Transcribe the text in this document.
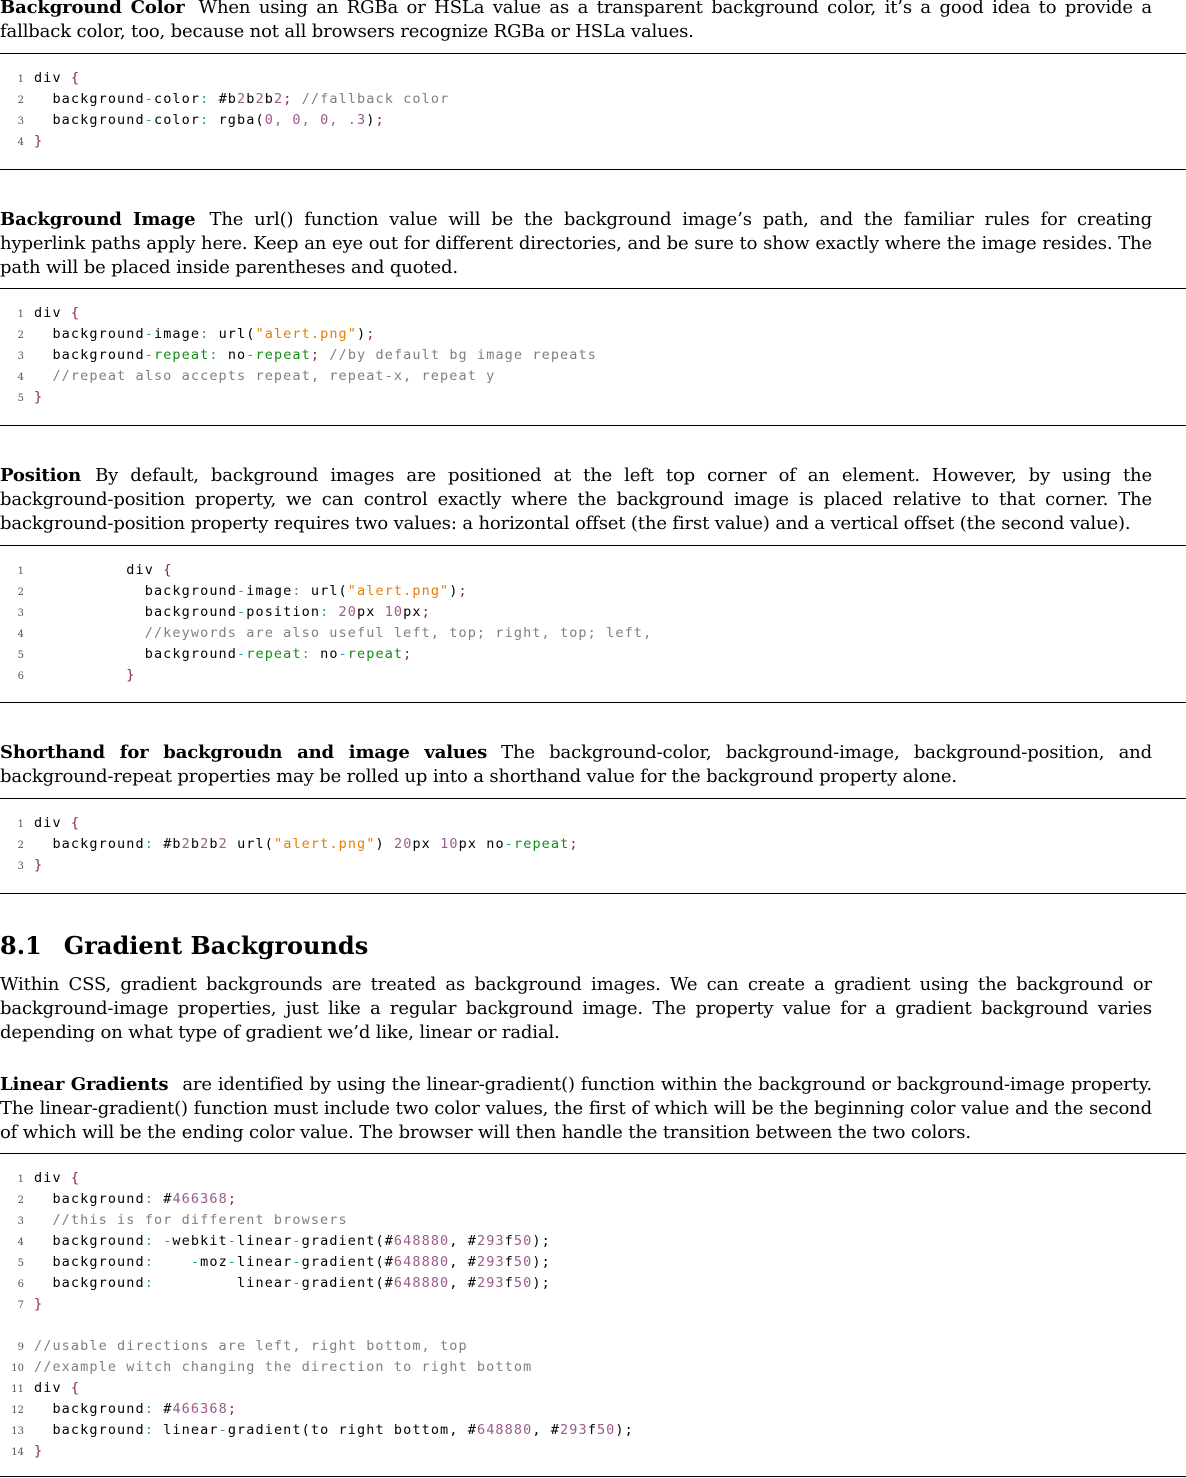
Background Color When using an RGBa or HSLa value as a transparent background color, it’s a good idea to provide a fallback color, too, because not all browsers recognize RGBa or HSLa values.

1 div {
2  background-color: #b2b2b2; //fallback color
3  background-color: rgba(0, 0, 0, .3);
4 }

Background Image The url() function value will be the background image’s path, and the familiar rules for creating hyperlink paths apply here. Keep an eye out for different directories, and be sure to show exactly where the image resides. The path will be placed inside parentheses and quoted.

1 div {
2  background-image: url("alert.png");
3  background-repeat: no-repeat; //by default bg image repeats
4  //repeat also accepts repeat, repeat-x, repeat y
5 }

Position By default, background images are positioned at the left top corner of an element. However, by using the background-position property, we can control exactly where the background image is placed relative to that corner. The background-position property requires two values: a horizontal offset (the first value) and a vertical offset (the second value).

1          div {
2            background-image: url("alert.png");
3            background-position: 20px 10px;
4            //keywords are also useful left, top; right, top; left,
5            background-repeat: no-repeat;
6          }

Shorthand for backgroudn and image values The background-color, background-image, background-position, and background-repeat properties may be rolled up into a shorthand value for the background property alone.

1 div {
2  background: #b2b2b2 url("alert.png") 20px 10px no-repeat;
3 }
8.1 Gradient Backgrounds

Within CSS, gradient backgrounds are treated as background images. We can create a gradient using the background or background-image properties, just like a regular background image. The property value for a gradient background varies depending on what type of gradient we’d like, linear or radial.

Linear Gradients are identified by using the linear-gradient() function within the background or background-image property. The linear-gradient() function must include two color values, the first of which will be the beginning color value and the second of which will be the ending color value. The browser will then handle the transition between the two colors.

1 div {
2  background: #466368;
3  //this is for different browsers
4  background: -webkit-linear-gradient(#648880, #293f50);
5  background:    -moz-linear-gradient(#648880, #293f50);
6  background:         linear-gradient(#648880, #293f50);
7 }
9 //usable directions are left, right bottom, top
10 //example witch changing the direction to right bottom
11 div {
12  background: #466368;
13  background: linear-gradient(to right bottom, #648880, #293f50);
14 }
